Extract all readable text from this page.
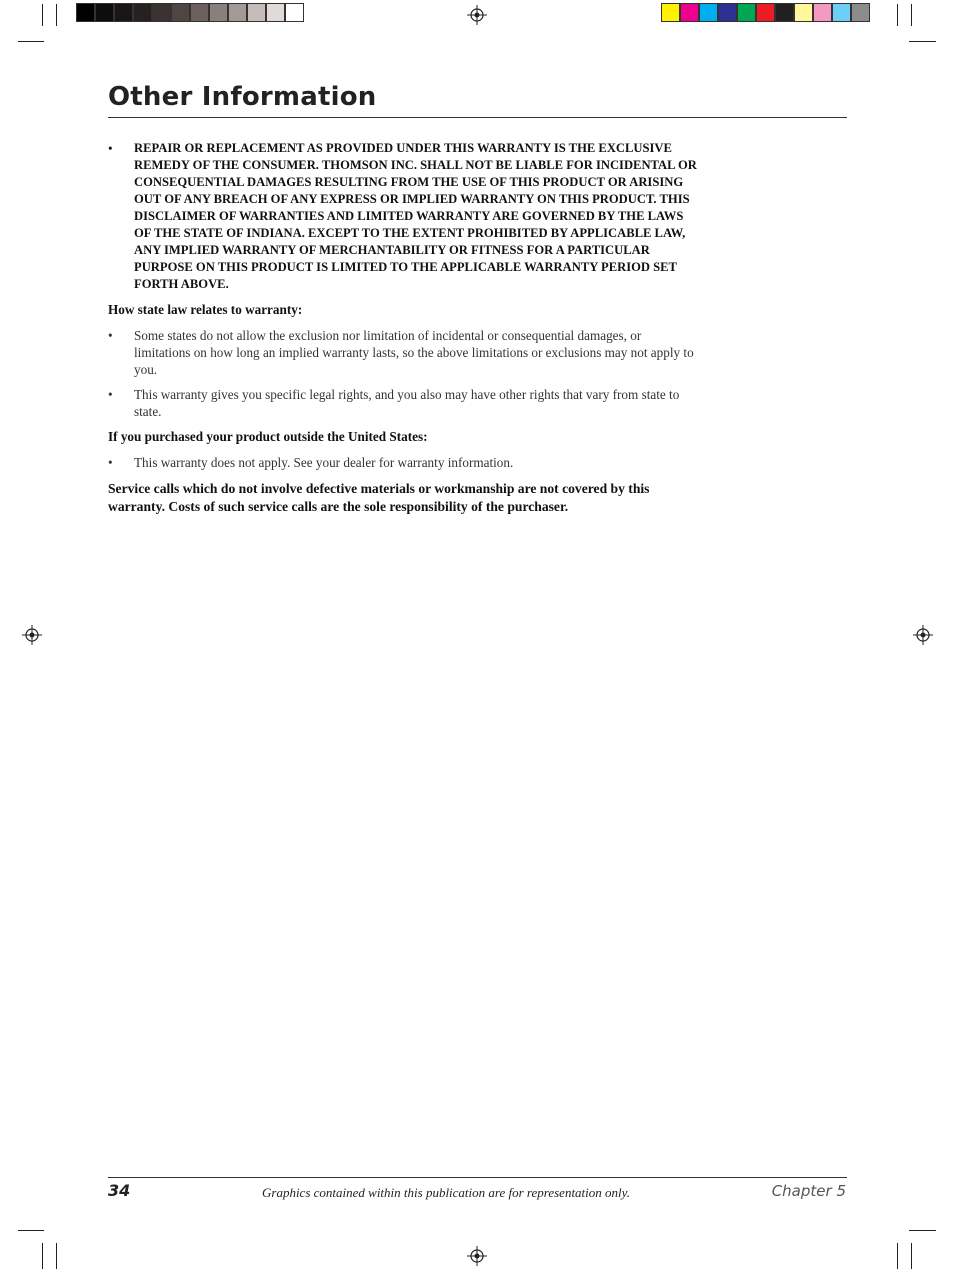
Other Information
•	REPAIR OR REPLACEMENT AS PROVIDED UNDER THIS WARRANTY IS THE EXCLUSIVE REMEDY OF THE CONSUMER. THOMSON INC. SHALL NOT BE LIABLE FOR INCIDENTAL OR CONSEQUENTIAL DAMAGES RESULTING FROM THE USE OF THIS PRODUCT OR ARISING OUT OF ANY BREACH OF ANY EXPRESS OR IMPLIED WARRANTY ON THIS PRODUCT. THIS DISCLAIMER OF WARRANTIES AND LIMITED WARRANTY ARE GOVERNED BY THE LAWS OF THE STATE OF INDIANA. EXCEPT TO THE EXTENT PROHIBITED BY APPLICABLE LAW, ANY IMPLIED WARRANTY OF MERCHANTABILITY OR FITNESS FOR A PARTICULAR PURPOSE ON THIS PRODUCT IS LIMITED TO THE APPLICABLE WARRANTY PERIOD SET FORTH ABOVE.
How state law relates to warranty:
•	Some states do not allow the exclusion nor limitation of incidental or consequential damages, or limitations on how long an implied warranty lasts, so the above limitations or exclusions may not apply to you.
•	This warranty gives you specific legal rights, and you also may have other rights that vary from state to state.
If you purchased your product outside the United States:
•	This warranty does not apply. See your dealer for warranty information.
Service calls which do not involve defective materials or workmanship are not covered by this warranty. Costs of such service calls are the sole responsibility of the purchaser.
34	Graphics contained within this publication are for representation only.	Chapter 5
